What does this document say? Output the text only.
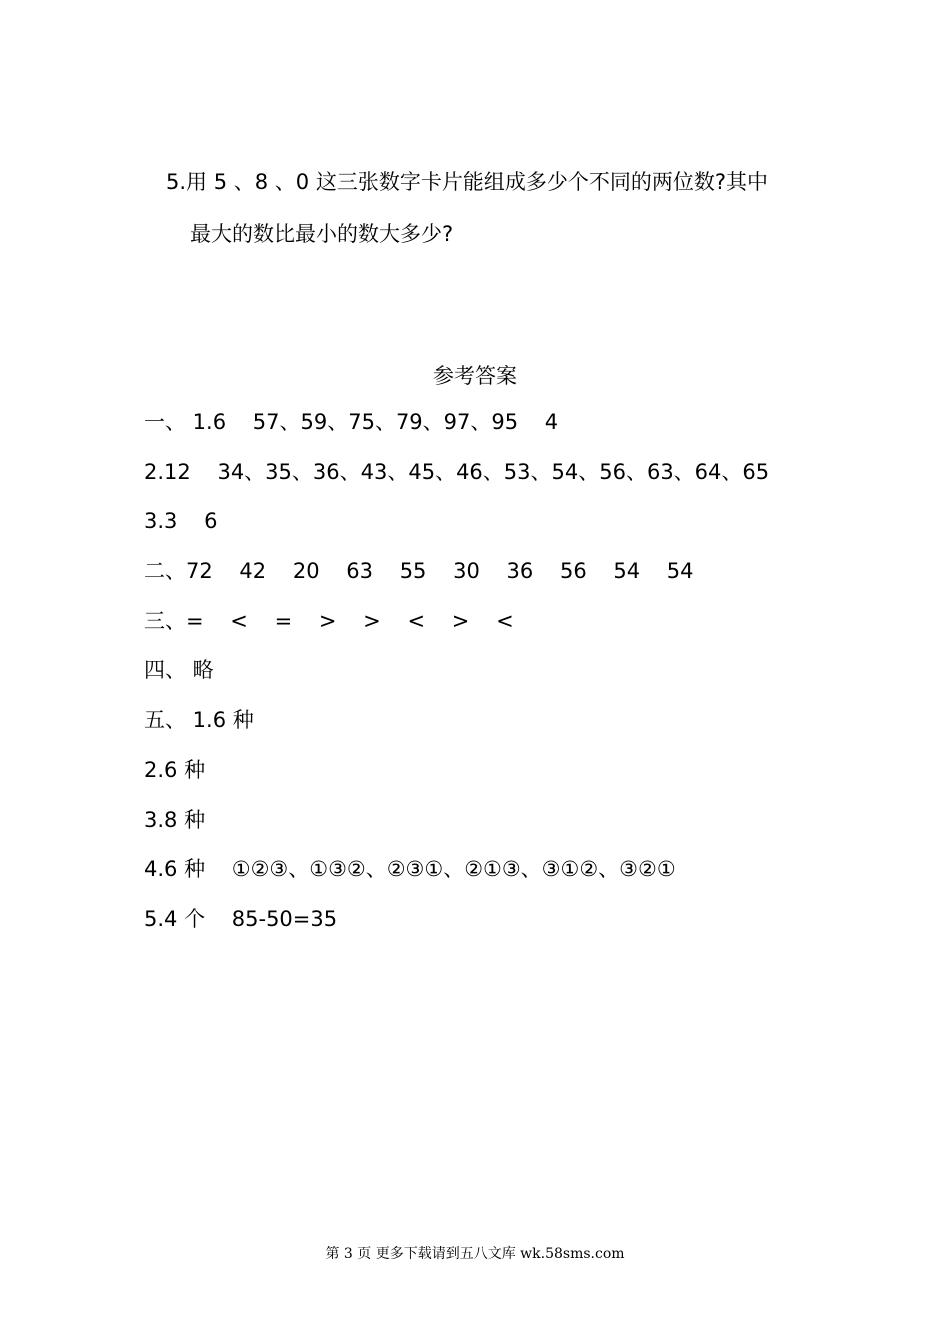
5.用 5 、8 、0 这三张数字卡片能组成多少个不同的两位数?其中
最大的数比最小的数大多少?
参考答案
一、 1.6    57、59、75、79、97、95    4
2.12    34、35、36、43、45、46、53、54、56、63、64、65
3.3    6
二、72    42    20    63    55    30    36    56    54    54
三、=    <    =    >    >    <    >    <
四、 略
五、 1.6 种
2.6 种
3.8 种
4.6 种    ①②③、①③②、②③①、②①③、③①②、③②①
5.4 个    85-50=35
第 3 页 更多下载请到五八文库 wk.58sms.com
